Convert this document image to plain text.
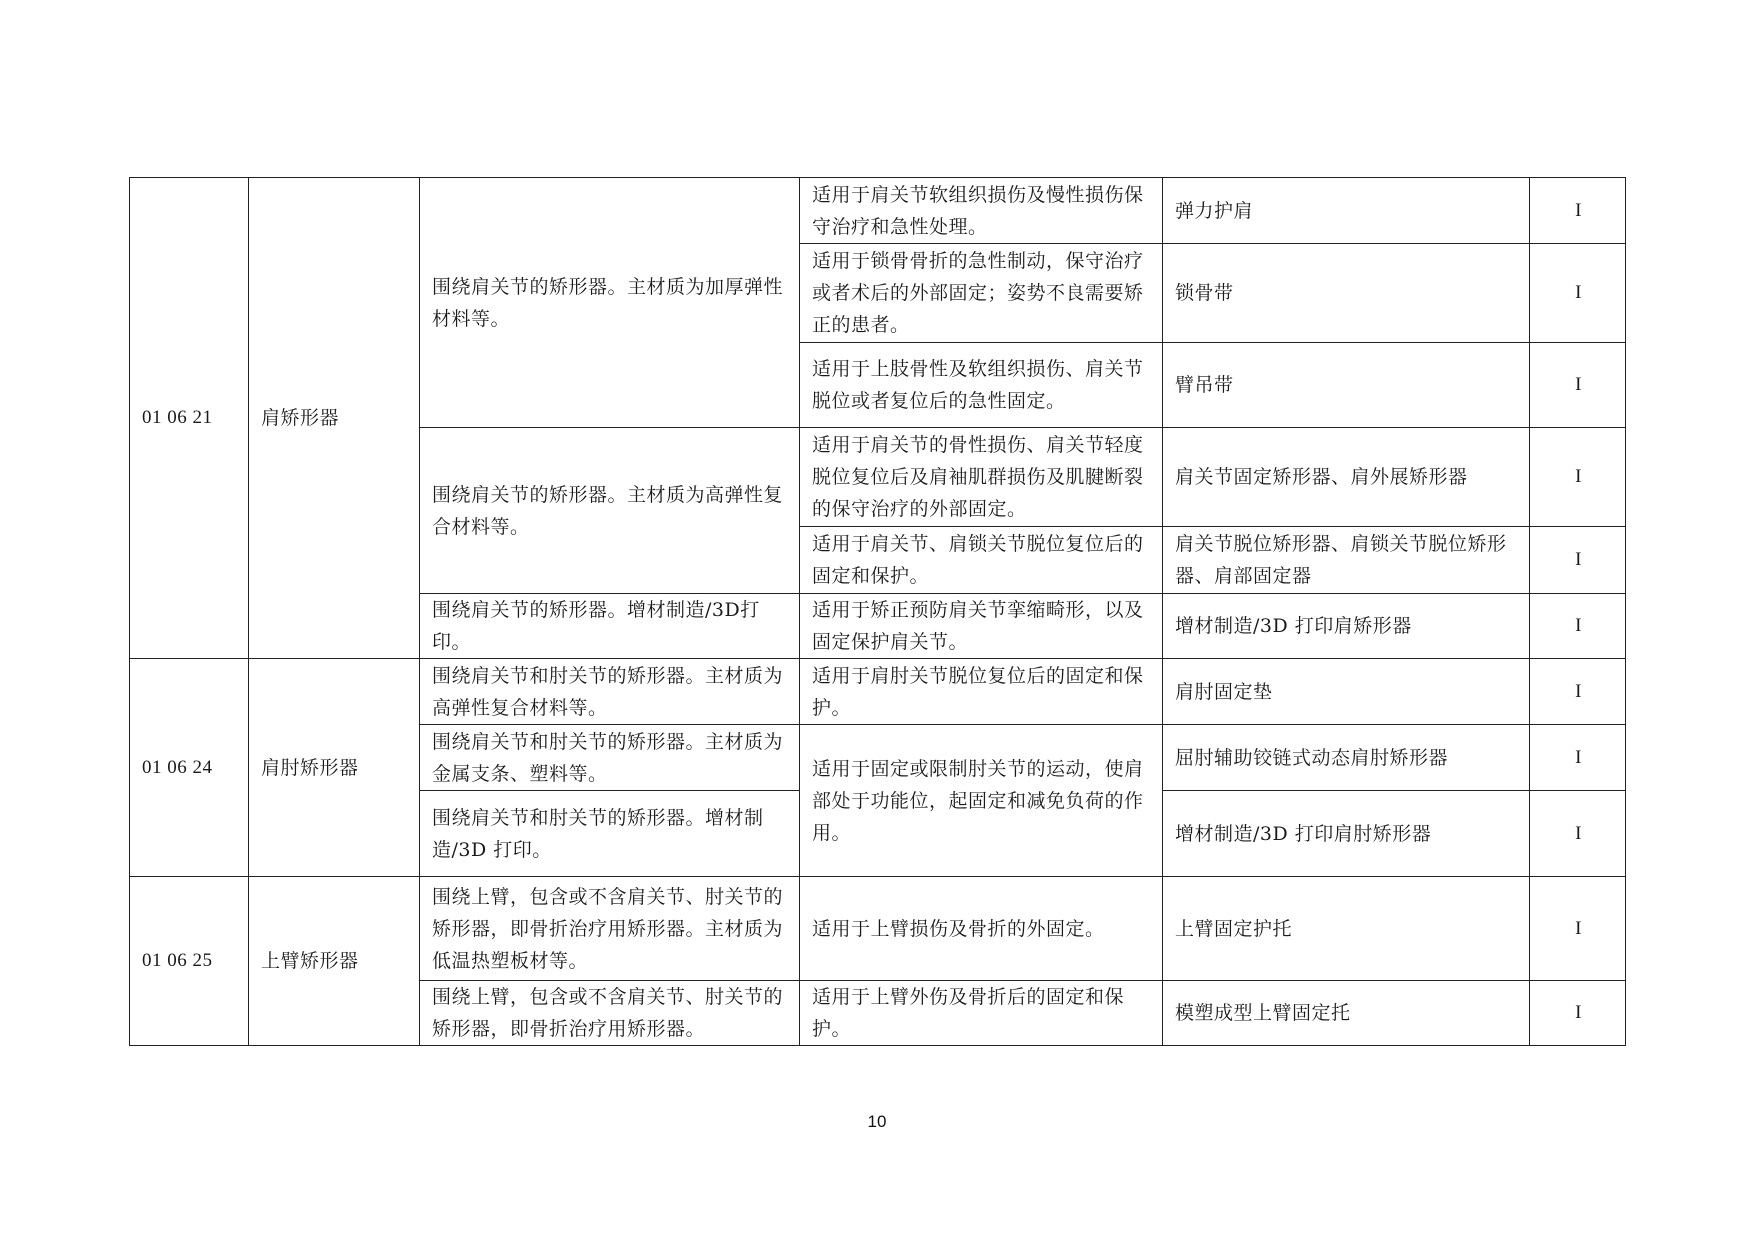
01 06 21	肩矫形器	围绕肩关节的矫形器。主材质为加厚弹性材料等。	适用于肩关节软组织损伤及慢性损伤保守治疗和急性处理。	弹力护肩	I
			适用于锁骨骨折的急性制动，保守治疗或者术后的外部固定；姿势不良需要矫正的患者。	锁骨带	I
			适用于上肢骨性及软组织损伤、肩关节脱位或者复位后的急性固定。	臂吊带	I
		围绕肩关节的矫形器。主材质为高弹性复合材料等。	适用于肩关节的骨性损伤、肩关节轻度脱位复位后及肩袖肌群损伤及肌腱断裂的保守治疗的外部固定。	肩关节固定矫形器、肩外展矫形器	I
			适用于肩关节、肩锁关节脱位复位后的固定和保护。	肩关节脱位矫形器、肩锁关节脱位矫形器、肩部固定器	I
		围绕肩关节的矫形器。增材制造/3D打印。	适用于矫正预防肩关节挛缩畸形，以及固定保护肩关节。	增材制造/3D 打印肩矫形器	I
01 06 24	肩肘矫形器	围绕肩关节和肘关节的矫形器。主材质为高弹性复合材料等。	适用于肩肘关节脱位复位后的固定和保护。	肩肘固定垫	I
		围绕肩关节和肘关节的矫形器。主材质为金属支条、塑料等。	适用于固定或限制肘关节的运动，使肩部处于功能位，起固定和减免负荷的作用。	屈肘辅助铰链式动态肩肘矫形器	I
		围绕肩关节和肘关节的矫形器。增材制造/3D 打印。		增材制造/3D 打印肩肘矫形器	I
01 06 25	上臂矫形器	围绕上臂，包含或不含肩关节、肘关节的矫形器，即骨折治疗用矫形器。主材质为低温热塑板材等。	适用于上臂损伤及骨折的外固定。	上臂固定护托	I
		围绕上臂，包含或不含肩关节、肘关节的矫形器，即骨折治疗用矫形器。	适用于上臂外伤及骨折后的固定和保护。	模塑成型上臂固定托	I
10
